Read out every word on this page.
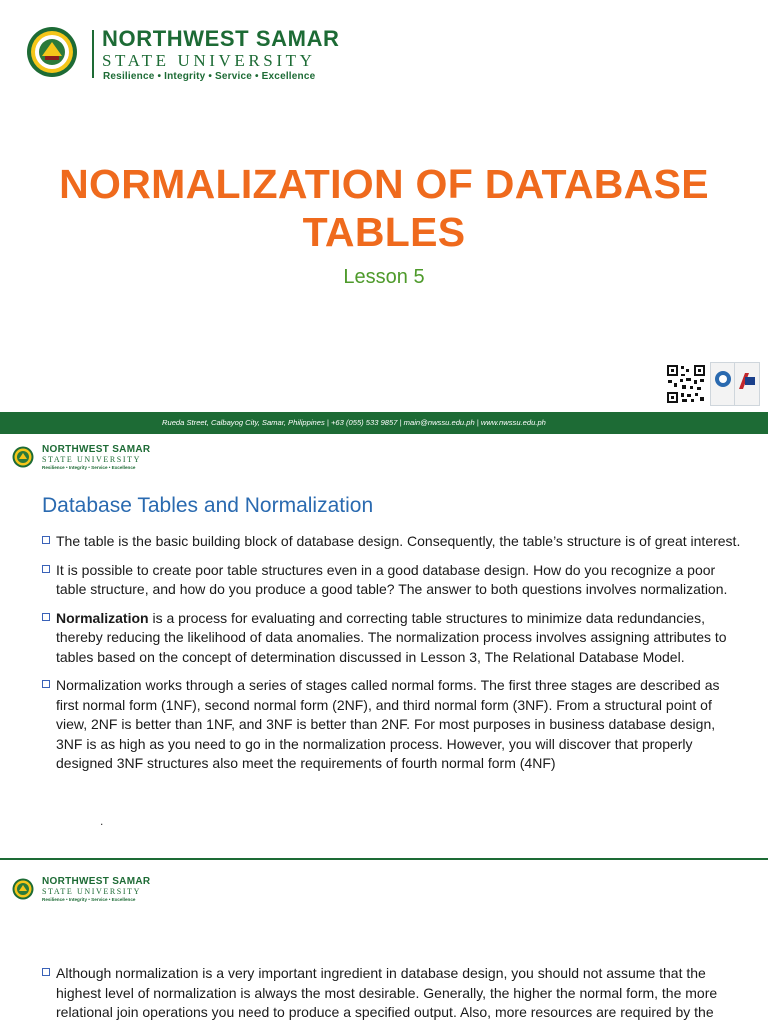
NORTHWEST SAMAR
STATE UNIVERSITY
Resilience • Integrity • Service • Excellence
NORMALIZATION OF DATABASE
TABLES
Lesson 5
Rueda Street, Calbayog City, Samar, Philippines | +63 (055) 533 9857 | main@nwssu.edu.ph | www.nwssu.edu.ph
NORTHWEST SAMAR
STATE UNIVERSITY
Resilience • Integrity • Service • Excellence
Database Tables and Normalization
The table is the basic building block of database design. Consequently, the table’s structure is of great interest.
It is possible to create poor table structures even in a good database design. How do you recognize a poor table structure, and how do you produce a good table? The answer to both questions involves normalization.
Normalization is a process for evaluating and correcting table structures to minimize data redundancies, thereby reducing the likelihood of data anomalies. The normalization process involves assigning attributes to tables based on the concept of determination discussed in Lesson 3, The Relational Database Model.
Normalization works through a series of stages called normal forms. The first three stages are described as first normal form (1NF), second normal form (2NF), and third normal form (3NF). From a structural point of view, 2NF is better than 1NF, and 3NF is better than 2NF. For most purposes in business database design, 3NF is as high as you need to go in the normalization process. However, you will discover that properly designed 3NF structures also meet the requirements of fourth normal form (4NF)
.
NORTHWEST SAMAR
STATE UNIVERSITY
Resilience • Integrity • Service • Excellence
Although normalization is a very important ingredient in database design, you should not assume that the highest level of normalization is always the most desirable. Generally, the higher the normal form, the more relational join operations you need to produce a specified output. Also, more resources are required by the
